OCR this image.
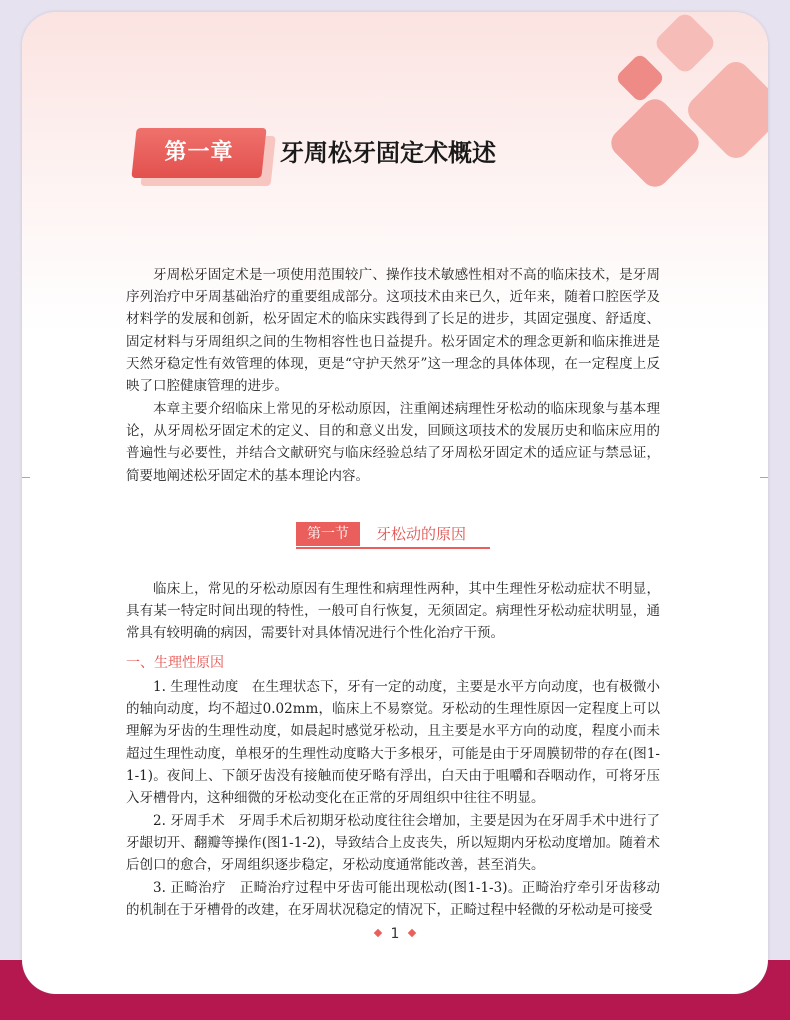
第一章	牙周松牙固定术概述

牙周松牙固定术是一项使用范围较广、操作技术敏感性相对不高的临床技术，是牙周序列治疗中牙周基础治疗的重要组成部分。这项技术由来已久，近年来，随着口腔医学及材料学的发展和创新，松牙固定术的临床实践得到了长足的进步，其固定强度、舒适度、固定材料与牙周组织之间的生物相容性也日益提升。松牙固定术的理念更新和临床推进是天然牙稳定性有效管理的体现，更是“守护天然牙”这一理念的具体体现，在一定程度上反映了口腔健康管理的进步。

本章主要介绍临床上常见的牙松动原因，注重阐述病理性牙松动的临床现象与基本理论，从牙周松牙固定术的定义、目的和意义出发，回顾这项技术的发展历史和临床应用的普遍性与必要性，并结合文献研究与临床经验总结了牙周松牙固定术的适应证与禁忌证，简要地阐述松牙固定术的基本理论内容。

第一节	牙松动的原因

临床上，常见的牙松动原因有生理性和病理性两种，其中生理性牙松动症状不明显，具有某一特定时间出现的特性，一般可自行恢复，无须固定。病理性牙松动症状明显，通常具有较明确的病因，需要针对具体情况进行个性化治疗干预。

一、生理性原因

1. 生理性动度　在生理状态下，牙有一定的动度，主要是水平方向动度，也有极微小的轴向动度，均不超过0.02mm，临床上不易察觉。牙松动的生理性原因一定程度上可以理解为牙齿的生理性动度，如晨起时感觉牙松动，且主要是水平方向的动度，程度小而未超过生理性动度，单根牙的生理性动度略大于多根牙，可能是由于牙周膜韧带的存在(图1-1-1)。夜间上、下颌牙齿没有接触而使牙略有浮出，白天由于咀嚼和吞咽动作，可将牙压入牙槽骨内，这种细微的牙松动变化在正常的牙周组织中往往不明显。

2. 牙周手术　牙周手术后初期牙松动度往往会增加，主要是因为在牙周手术中进行了牙龈切开、翻瓣等操作(图1-1-2)，导致结合上皮丧失，所以短期内牙松动度增加。随着术后创口的愈合，牙周组织逐步稳定，牙松动度通常能改善，甚至消失。

3. 正畸治疗　正畸治疗过程中牙齿可能出现松动(图1-1-3)。正畸治疗牵引牙齿移动的机制在于牙槽骨的改建，在牙周状况稳定的情况下，正畸过程中轻微的牙松动是可接受

1
